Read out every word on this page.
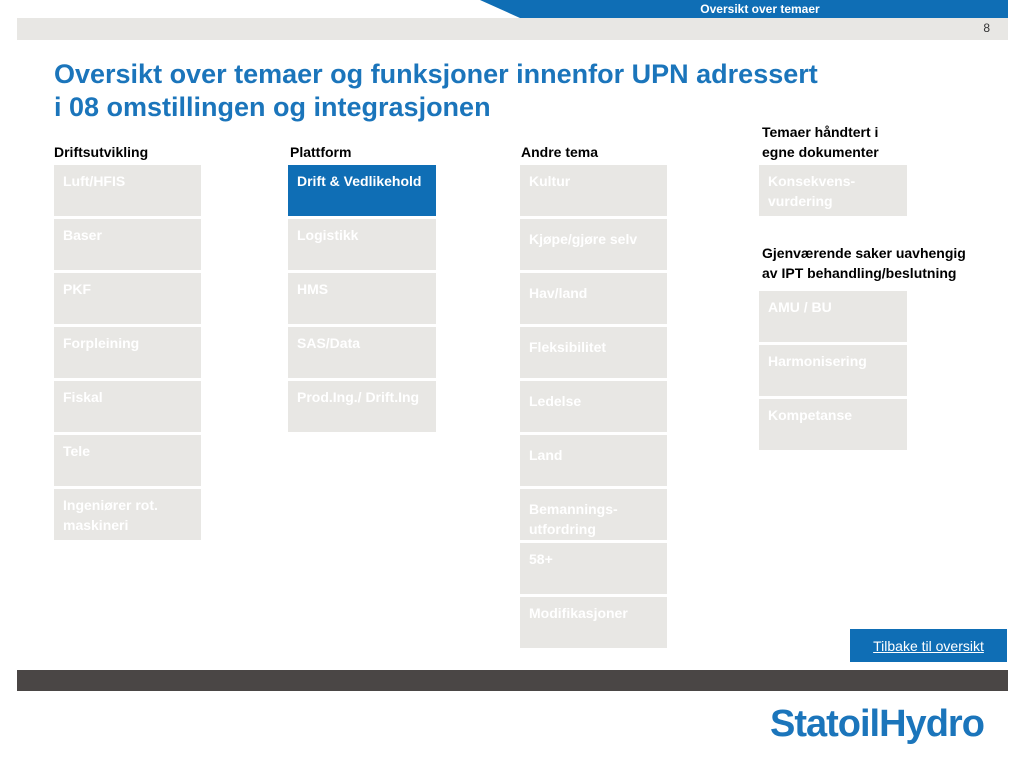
Oversikt over temaer
8
Oversikt over temaer og funksjoner innenfor UPN adressert
i 08 omstillingen og integrasjonen
Driftsutvikling	Plattform	Andre tema
Temaer håndtert i
egne dokumenter
Gjenværende saker uavhengig
av IPT behandling/beslutning
Luft/HFIS
Baser
PKF
Forpleining
Fiskal
Tele
Ingeniører rot. maskineri
Drift & Vedlikehold
Logistikk
HMS
SAS/Data
Prod.Ing./ Drift.Ing
Kultur
Kjøpe/gjøre selv
Hav/land
Fleksibilitet
Ledelse
Land
Bemannings- utfordring
58+
Modifikasjoner
Konsekvens- vurdering
AMU / BU
Harmonisering
Kompetanse
Tilbake til oversikt
StatoilHydro
